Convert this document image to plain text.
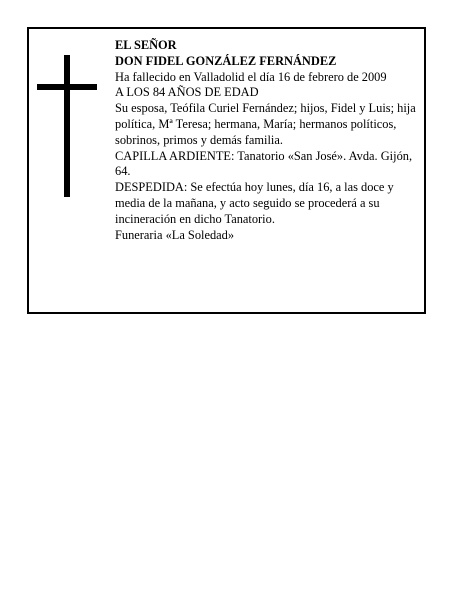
EL SEÑOR

DON FIDEL GONZÁLEZ FERNÁNDEZ

Ha fallecido en Valladolid el día 16 de febrero de 2009

A LOS 84 AÑOS DE EDAD

Su esposa, Teófila Curiel Fernández; hijos, Fidel y Luis; hija política, Mª Teresa; hermana, María; hermanos políticos, sobrinos, primos y demás familia.

CAPILLA ARDIENTE: Tanatorio «San José». Avda. Gijón, 64.

DESPEDIDA: Se efectúa hoy lunes, día 16, a las doce y media de la mañana, y acto seguido se procederá a su incineración en dicho Tanatorio.

Funeraria «La Soledad»
